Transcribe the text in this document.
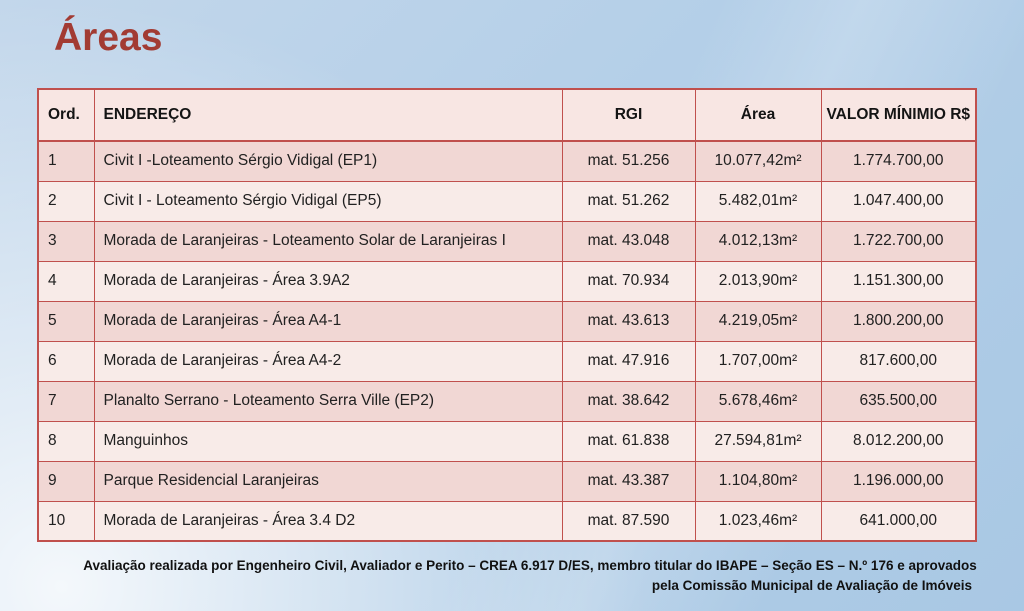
Áreas
Ord.	ENDEREÇO	RGI	Área	VALOR MÍNIMIO R$
1	Civit I -Loteamento Sérgio Vidigal (EP1)	mat. 51.256	10.077,42m²	1.774.700,00
2	Civit I - Loteamento Sérgio Vidigal (EP5)	mat. 51.262	5.482,01m²	1.047.400,00
3	Morada de Laranjeiras - Loteamento Solar de Laranjeiras I	mat. 43.048	4.012,13m²	1.722.700,00
4	Morada de Laranjeiras - Área 3.9A2	mat. 70.934	2.013,90m²	1.151.300,00
5	Morada de Laranjeiras - Área A4-1	mat. 43.613	4.219,05m²	1.800.200,00
6	Morada de Laranjeiras - Área A4-2	mat. 47.916	1.707,00m²	817.600,00
7	Planalto Serrano - Loteamento Serra Ville (EP2)	mat. 38.642	5.678,46m²	635.500,00
8	Manguinhos	mat. 61.838	27.594,81m²	8.012.200,00
9	Parque Residencial Laranjeiras	mat. 43.387	1.104,80m²	1.196.000,00
10	Morada de Laranjeiras - Área 3.4 D2	mat. 87.590	1.023,46m²	641.000,00
Avaliação realizada por Engenheiro Civil, Avaliador e Perito – CREA 6.917 D/ES, membro titular do IBAPE – Seção ES – N.º 176 e aprovados
pela Comissão Municipal de Avaliação de Imóveis
